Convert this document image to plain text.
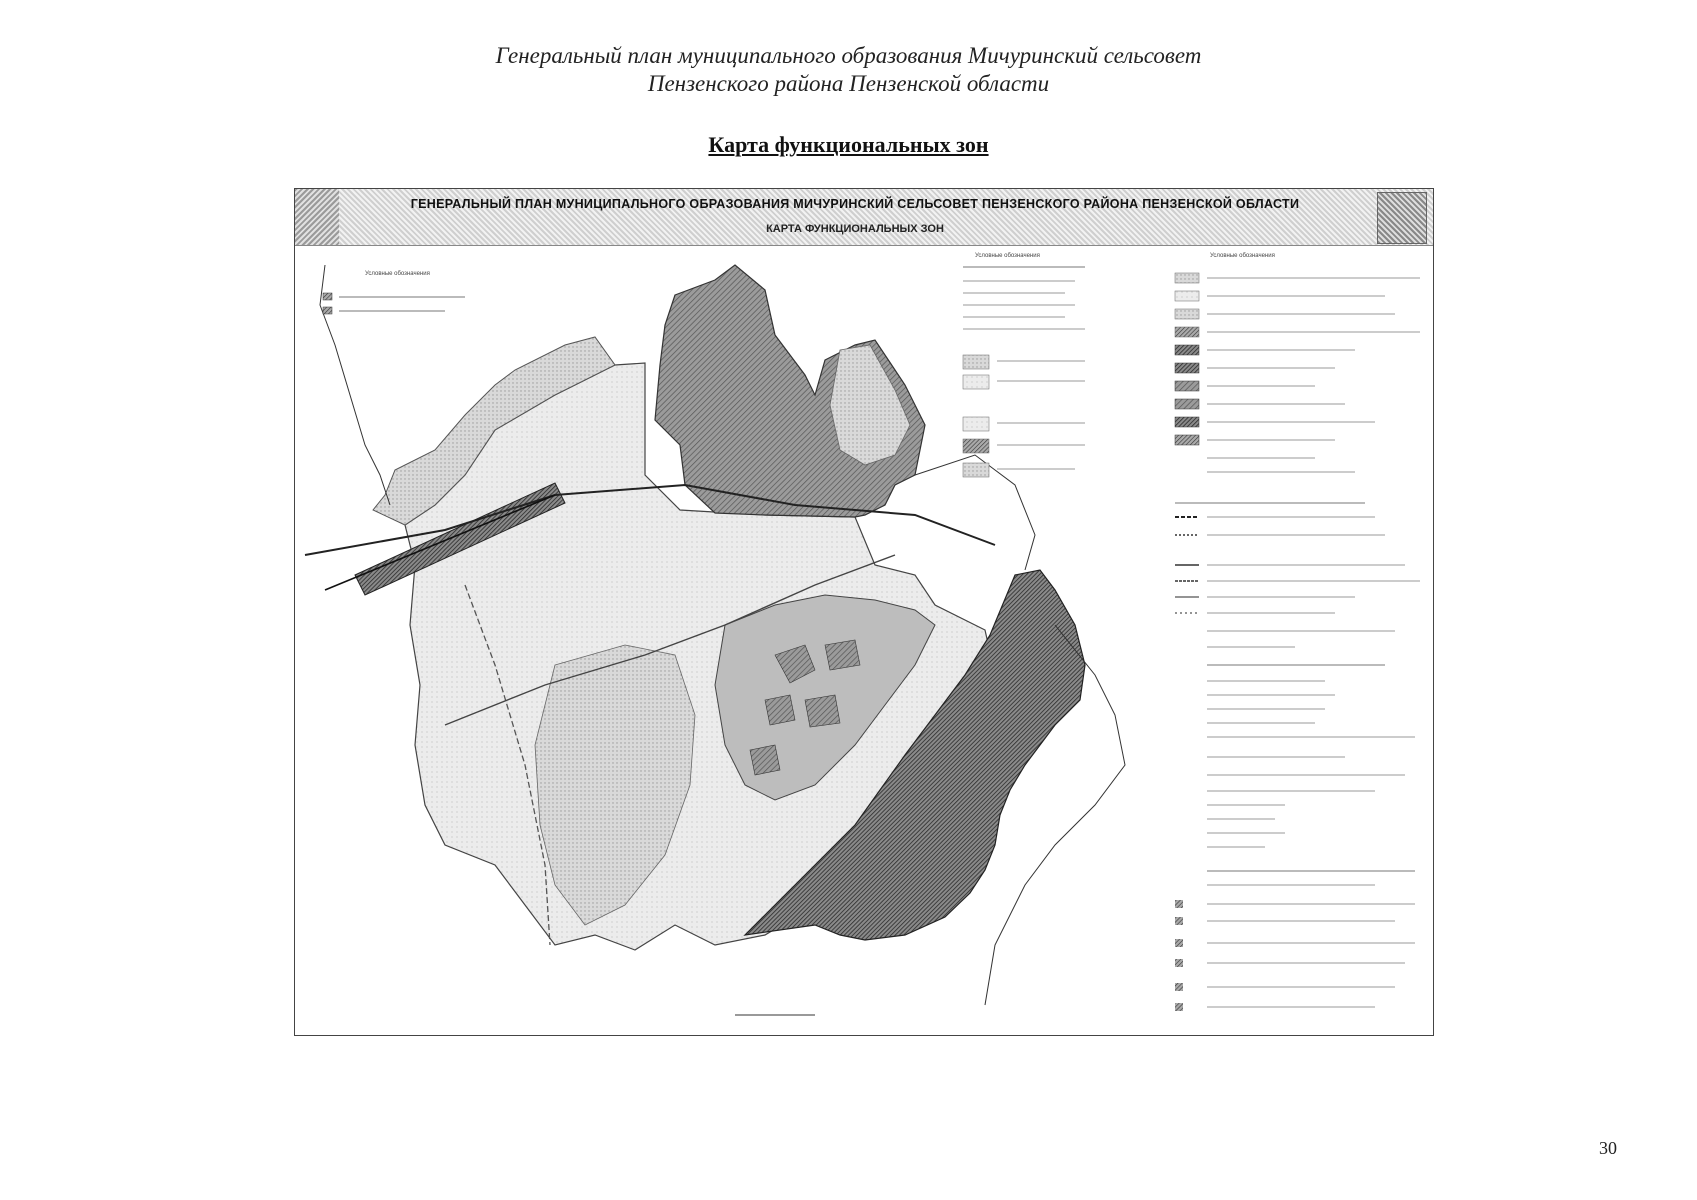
Генеральный план муниципального образования Мичуринский сельсовет
Пензенского района Пензенской области
Карта функциональных зон
ГЕНЕРАЛЬНЫЙ ПЛАН МУНИЦИПАЛЬНОГО ОБРАЗОВАНИЯ МИЧУРИНСКИЙ СЕЛЬСОВЕТ ПЕНЗЕНСКОГО РАЙОНА ПЕНЗЕНСКОЙ ОБЛАСТИ
КАРТА ФУНКЦИОНАЛЬНЫХ ЗОН
Условные обозначения
Условные обозначения	Условные обозначения
30
